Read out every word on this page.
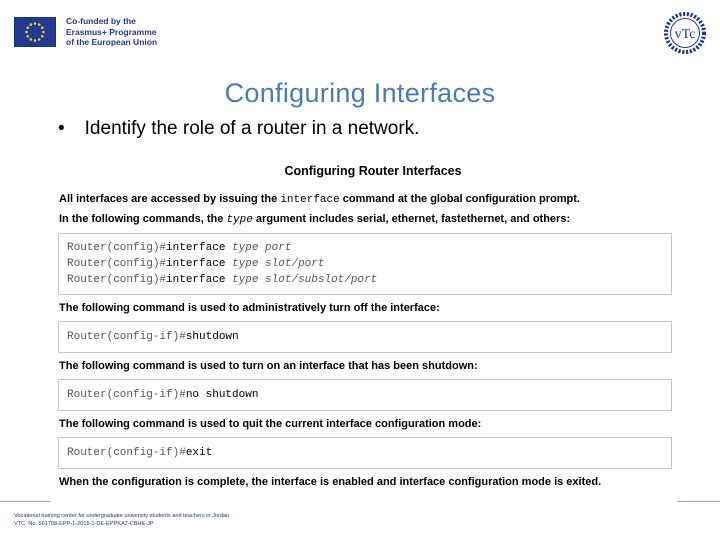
Co-funded by the
Erasmus+ Programme
of the European Union	vTc
Configuring Interfaces
• Identify the role of a router in a network.
Configuring Router Interfaces
All interfaces are accessed by issuing the interface command at the global configuration prompt.
In the following commands, the type argument includes serial, ethernet, fastethernet, and others:
Router(config)#interface type port
Router(config)#interface type slot/port
Router(config)#interface type slot/subslot/port
The following command is used to administratively turn off the interface:
Router(config-if)#shutdown
The following command is used to turn on an interface that has been shutdown:
Router(config-if)#no shutdown
The following command is used to quit the current interface configuration mode:
Router(config-if)#exit
When the configuration is complete, the interface is enabled and interface configuration mode is exited.
Vocational training center for undergraduate university students and teachers in Jordan
VTC: No. 561708-EPP-1-2015-1-DE-EPPKA2-CBHE-JP
